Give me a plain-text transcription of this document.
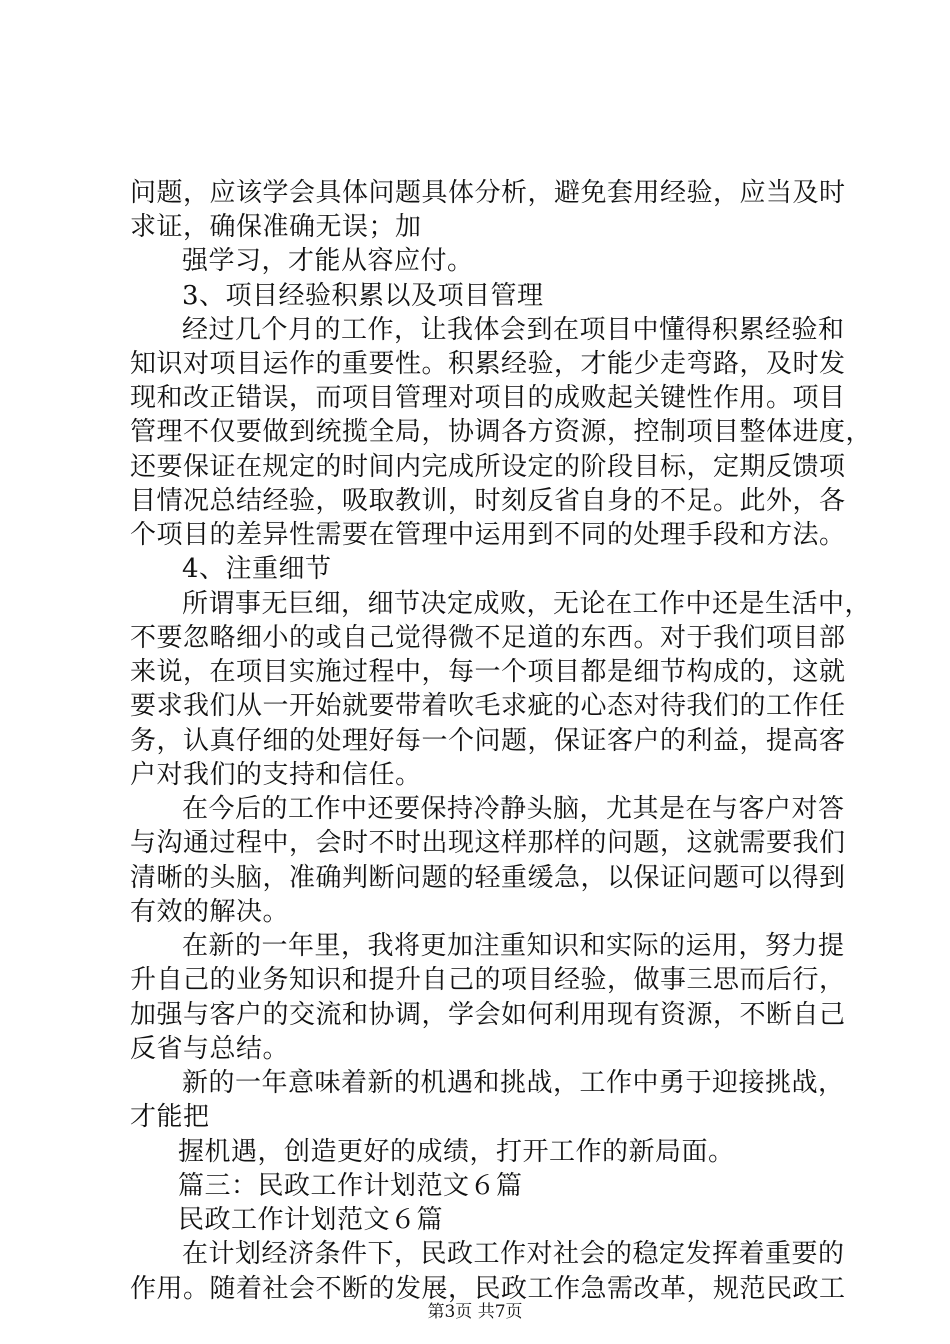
问题，应该学会具体问题具体分析，避免套用经验，应当及时
求证，确保准确无误；加
强学习，才能从容应付。
3、项目经验积累以及项目管理
经过几个月的工作，让我体会到在项目中懂得积累经验和
知识对项目运作的重要性。积累经验，才能少走弯路，及时发
现和改正错误，而项目管理对项目的成败起关键性作用。项目
管理不仅要做到统揽全局，协调各方资源，控制项目整体进度，
还要保证在规定的时间内完成所设定的阶段目标，定期反馈项
目情况总结经验，吸取教训，时刻反省自身的不足。此外，各
个项目的差异性需要在管理中运用到不同的处理手段和方法。
4、注重细节
所谓事无巨细，细节决定成败，无论在工作中还是生活中，
不要忽略细小的或自己觉得微不足道的东西。对于我们项目部
来说，在项目实施过程中，每一个项目都是细节构成的，这就
要求我们从一开始就要带着吹毛求疵的心态对待我们的工作任
务，认真仔细的处理好每一个问题，保证客户的利益，提高客
户对我们的支持和信任。
在今后的工作中还要保持冷静头脑，尤其是在与客户对答
与沟通过程中，会时不时出现这样那样的问题，这就需要我们
清晰的头脑，准确判断问题的轻重缓急，以保证问题可以得到
有效的解决。
在新的一年里，我将更加注重知识和实际的运用，努力提
升自己的业务知识和提升自己的项目经验，做事三思而后行，
加强与客户的交流和协调，学会如何利用现有资源，不断自己
反省与总结。
新的一年意味着新的机遇和挑战，工作中勇于迎接挑战，
才能把
握机遇，创造更好的成绩，打开工作的新局面。
篇三：民政工作计划范文６篇
民政工作计划范文６篇
在计划经济条件下，民政工作对社会的稳定发挥着重要的
作用。随着社会不断的发展，民政工作急需改革，规范民政工
第3页 共7页
